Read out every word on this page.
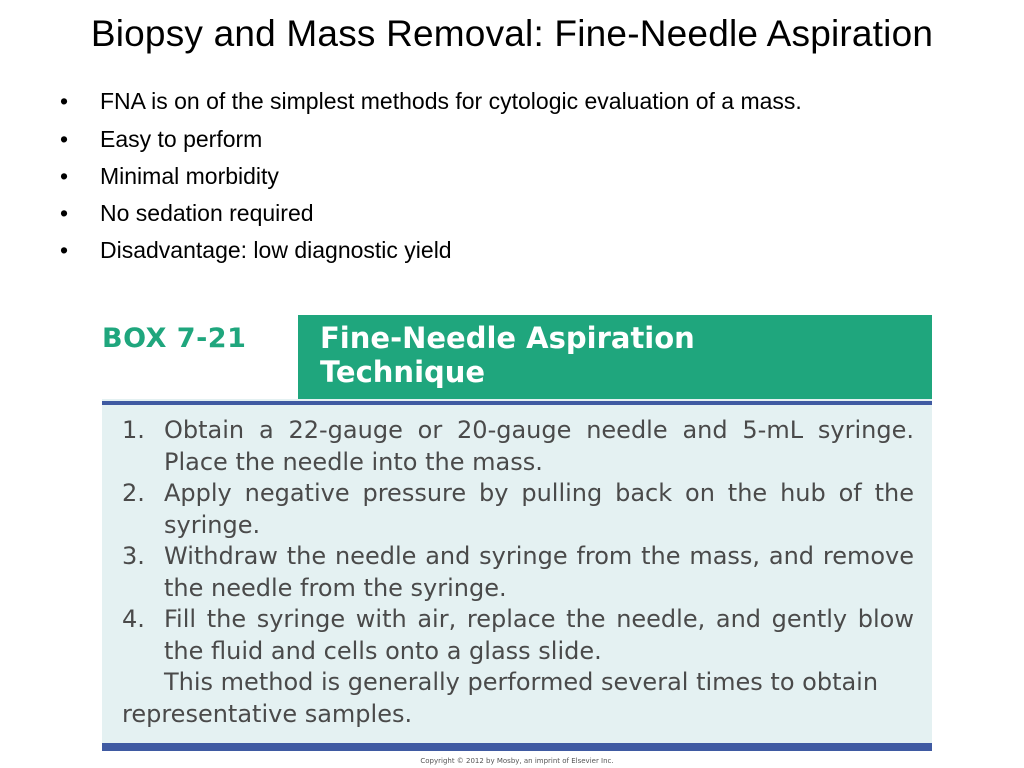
Biopsy and Mass Removal: Fine-Needle Aspiration
• FNA is on of the simplest methods for cytologic evaluation of a mass.
• Easy to perform
• Minimal morbidity
• No sedation required
• Disadvantage: low diagnostic yield
BOX 7-21	Fine-Needle Aspiration
Technique
1. Obtain a 22-gauge or 20-gauge needle and 5-mL syringe. Place the needle into the mass.
2. Apply negative pressure by pulling back on the hub of the syringe.
3. Withdraw the needle and syringe from the mass, and remove the needle from the syringe.
4. Fill the syringe with air, replace the needle, and gently blow the fluid and cells onto a glass slide.
This method is generally performed several times to obtain representative samples.
Copyright © 2012 by Mosby, an imprint of Elsevier Inc.
